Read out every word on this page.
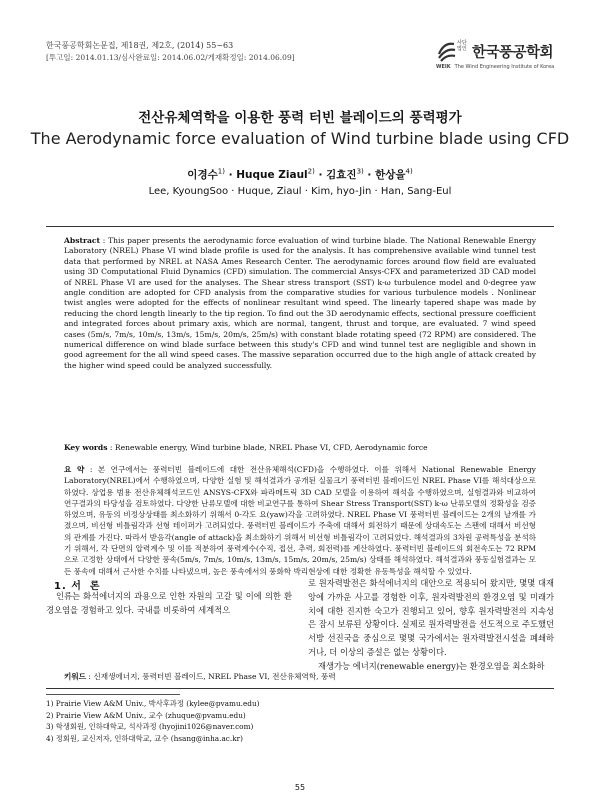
한국풍공학회논문집, 제18권, 제2호, (2014) 55~63
[투고일: 2014.01.13/심사완료일: 2014.06.02/게재확정일: 2014.06.09]
사단법인 한국풍공학회
WEIK The Wind Engineering Institute of Korea
전산유체역학을 이용한 풍력 터빈 블레이드의 풍력평가
The Aerodynamic force evaluation of Wind turbine blade using CFD
이경수$^{1)}$ · Huque Ziaul$^{2)}$ · 김효진$^{3)}$ · 한상을$^{4)}$
Lee, KyoungSoo · Huque, Ziaul · Kim, hyo-Jin · Han, Sang-Eul
Abstract : This paper presents the aerodynamic force evaluation of wind turbine blade. The National Renewable Energy Laboratory (NREL) Phase VI wind blade profile is used for the analysis. It has comprehensive available wind tunnel test data that performed by NREL at NASA Ames Research Center. The aerodynamic forces around flow field are evaluated using 3D Computational Fluid Dynamics (CFD) simulation. The commercial Ansys-CFX and parameterized 3D CAD model of NREL Phase VI are used for the analyses. The Shear stress transport (SST) k-ω turbulence model and 0-degree yaw angle condition are adopted for CFD analysis from the comparative studies for various turbulence models . Nonlinear twist angles were adopted for the effects of nonlinear resultant wind speed. The linearly tapered shape was made by reducing the chord length linearly to the tip region. To find out the 3D aerodynamic effects, sectional pressure coefficient and integrated forces about primary axis, which are normal, tangent, thrust and torque, are evaluated. 7 wind speed cases (5m/s, 7m/s, 10m/s, 13m/s, 15m/s, 20m/s, 25m/s) with constant blade rotating speed (72 RPM) are considered. The numerical difference on wind blade surface between this study's CFD and wind tunnel test are negligible and shown in good agreement for the all wind speed cases. The massive separation occurred due to the high angle of attack created by the higher wind speed could be analyzed successfully.
Key words : Renewable energy, Wind turbine blade, NREL Phase VI, CFD, Aerodynamic force
요 약 : 본 연구에서는 풍력터빈 블레이드에 대한 전산유체해석(CFD)을 수행하였다. 이를 위해서 National Renewable Energy Laboratory(NREL)에서 수행하였으며, 다양한 실험 및 해석결과가 공개된 실물크기 풍력터빈 블레이드인 NREL Phase VI를 해석대상으로 하였다. 상업용 범용 전산유체해석코드인 ANSYS-CFX와 파라메트릭 3D CAD 모델을 이용하여 해석을 수행하였으며, 실험결과와 비교하여 연구결과의 타당성을 검토하였다. 다양한 난류모델에 대한 비교연구를 통하여 Shear Stress Transport(SST) k-ω 난류모델의 정확성을 검증하였으며, 유동의 비정상상태를 최소화하기 위해서 0-각도 요(yaw)각을 고려하였다. NREL Phase VI 풍력터빈 블레이드는 2개의 날개를 가졌으며, 비선형 비틀림각과 선형 테이퍼가 고려되었다. 풍력터빈 블레이드가 주축에 대해서 회전하기 때문에 상대속도는 스팬에 대해서 비선형의 관계를 가진다. 따라서 받음각(angle of attack)을 최소화하기 위해서 비선형 비틀림각이 고려되었다. 해석결과의 3차원 공력특성을 분석하기 위해서, 각 단면의 압력계수 및 이를 적분하여 풍력계수(수직, 접선, 추력, 회전력)를 계산하였다. 풍력터빈 블레이드의 회전속도는 72 RPM으로 고정한 상태에서 다양한 풍속(5m/s, 7m/s, 10m/s, 13m/s, 15m/s, 20m/s, 25m/s) 상태를 해석하였다. 해석결과와 풍동실험결과는 모든 풍속에 대해서 근사한 수치를 나타냈으며, 높은 풍속에서의 풍화학 박리현상에 대한 정확한 유동특성을 해석할 수 있었다.
키워드 : 신재생에너지, 풍력터빈 블레이드, NREL Phase VI, 전산유체역학, 풍력
1. 서 론
인류는 화석에너지의 과용으로 인한 자원의 고갈 및 이에 의한 환경오염을 경험하고 있다. 국내를 비롯하여 세계적으
로 원자력발전은 화석에너지의 대안으로 적용되어 왔지만, 몇몇 대재앙에 가까운 사고를 경험한 이후, 원자력발전의 환경오염 및 미래가치에 대한 진지한 숙고가 진행되고 있어, 향후 원자력발전의 지속성은 잠시 보류된 상황이다. 실제로 원자력발전을 선도적으로 주도했던 서방 선진국을 중심으로 몇몇 국가에서는 원자력발전시설을 폐쇄하거나, 더 이상의 증설은 없는 상황이다.
재생가능 에너지(renewable energy)는 환경오염을 최소화하
1) Prairie View A&M Univ., 박사후과정 (kylee@pvamu.edu)
2) Prairie View A&M Univ., 교수 (zhuque@pvamu.edu)
3) 학생회원, 인하대학교, 석사과정 (hyojini1026@naver.com)
4) 정회원, 교신저자, 인하대학교, 교수 (hsang@inha.ac.kr)
55
